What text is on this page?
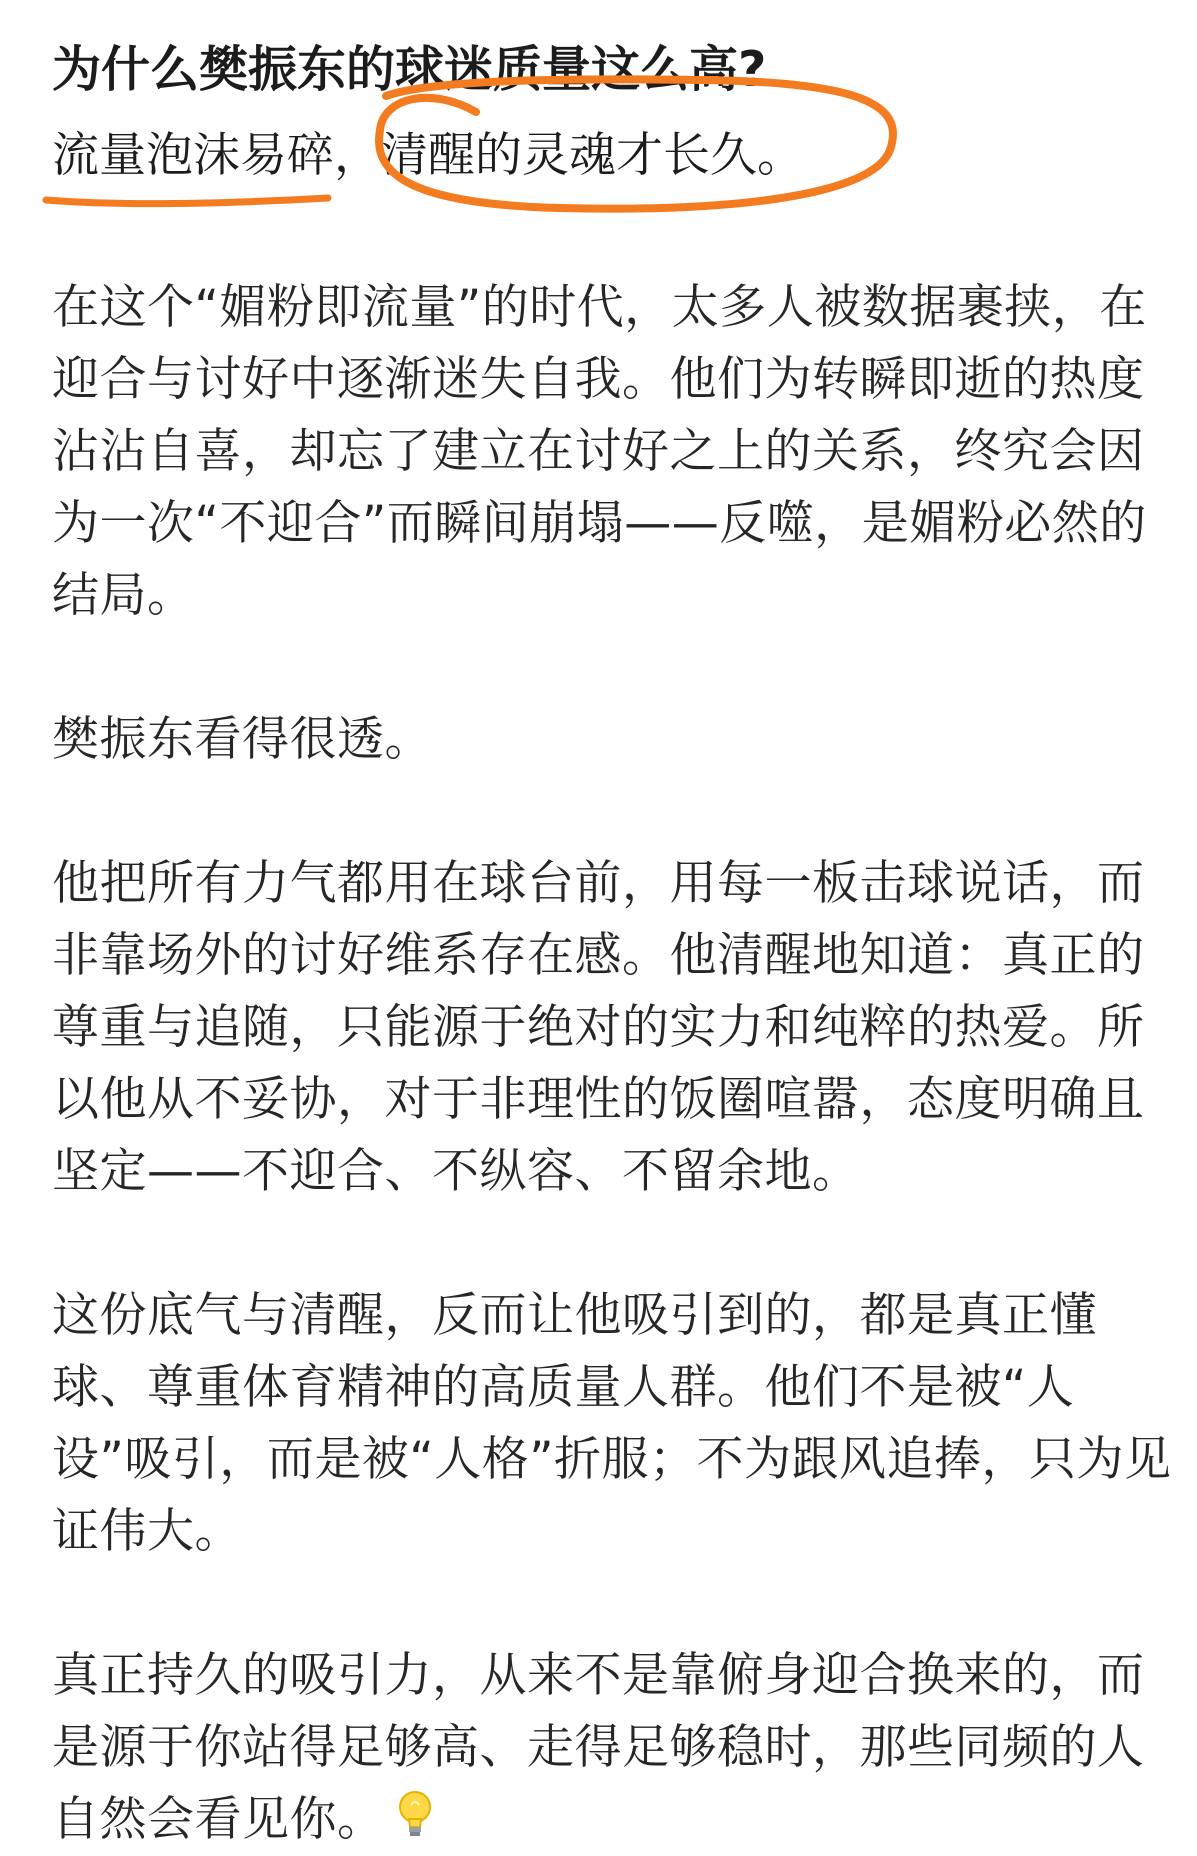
为什么樊振东的球迷质量这么高?
流量泡沫易碎，清醒的灵魂才长久。

在这个“媚粉即流量”的时代，太多人被数据裹挟，在迎合与讨好中逐渐迷失自我。他们为转瞬即逝的热度沾沾自喜，却忘了建立在讨好之上的关系，终究会因为一次“不迎合”而瞬间崩塌——反噬，是媚粉必然的结局。

樊振东看得很透。

他把所有力气都用在球台前，用每一板击球说话，而非靠场外的讨好维系存在感。他清醒地知道：真正的尊重与追随，只能源于绝对的实力和纯粹的热爱。所以他从不妥协，对于非理性的饭圈喧嚣，态度明确且坚定——不迎合、不纵容、不留余地。

这份底气与清醒，反而让他吸引到的，都是真正懂球、尊重体育精神的高质量人群。他们不是被“人设”吸引，而是被“人格”折服；不为跟风追捧，只为见证伟大。

真正持久的吸引力，从来不是靠俯身迎合换来的，而是源于你站得足够高、走得足够稳时，那些同频的人自然会看见你。
